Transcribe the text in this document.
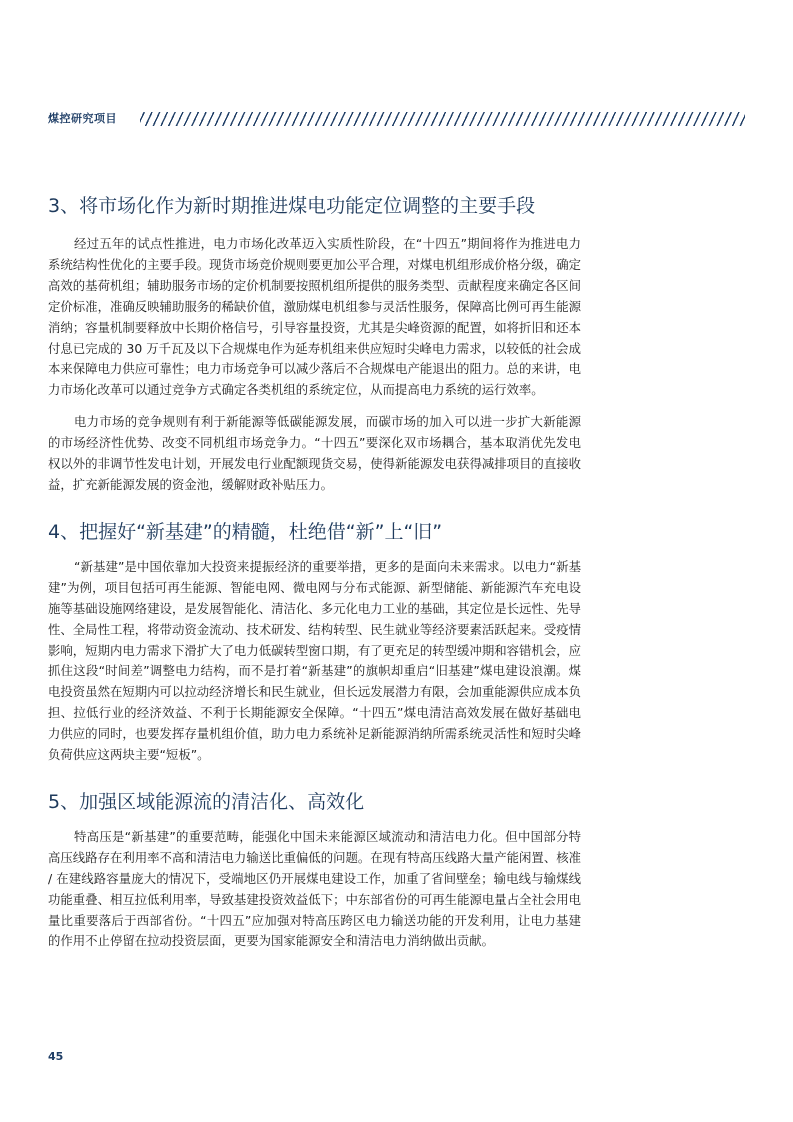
煤控研究项目
3、将市场化作为新时期推进煤电功能定位调整的主要手段

经过五年的试点性推进，电力市场化改革迈入实质性阶段，在“十四五”期间将作为推进电力系统结构性优化的主要手段。现货市场竞价规则要更加公平合理，对煤电机组形成价格分级，确定高效的基荷机组；辅助服务市场的定价机制要按照机组所提供的服务类型、贡献程度来确定各区间定价标准，准确反映辅助服务的稀缺价值，激励煤电机组参与灵活性服务，保障高比例可再生能源消纳；容量机制要释放中长期价格信号，引导容量投资，尤其是尖峰资源的配置，如将折旧和还本付息已完成的 30 万千瓦及以下合规煤电作为延寿机组来供应短时尖峰电力需求，以较低的社会成本来保障电力供应可靠性；电力市场竞争可以减少落后不合规煤电产能退出的阻力。总的来讲，电力市场化改革可以通过竞争方式确定各类机组的系统定位，从而提高电力系统的运行效率。

电力市场的竞争规则有利于新能源等低碳能源发展，而碳市场的加入可以进一步扩大新能源的市场经济性优势、改变不同机组市场竞争力。“十四五”要深化双市场耦合，基本取消优先发电权以外的非调节性发电计划，开展发电行业配额现货交易，使得新能源发电获得减排项目的直接收益，扩充新能源发展的资金池，缓解财政补贴压力。

4、把握好“新基建”的精髓，杜绝借“新”上“旧”

“新基建”是中国依靠加大投资来提振经济的重要举措，更多的是面向未来需求。以电力“新基建”为例，项目包括可再生能源、智能电网、微电网与分布式能源、新型储能、新能源汽车充电设施等基础设施网络建设，是发展智能化、清洁化、多元化电力工业的基础，其定位是长远性、先导性、全局性工程，将带动资金流动、技术研发、结构转型、民生就业等经济要素活跃起来。受疫情影响，短期内电力需求下滑扩大了电力低碳转型窗口期，有了更充足的转型缓冲期和容错机会，应抓住这段“时间差”调整电力结构，而不是打着“新基建”的旗帜却重启“旧基建”煤电建设浪潮。煤电投资虽然在短期内可以拉动经济增长和民生就业，但长远发展潜力有限，会加重能源供应成本负担、拉低行业的经济效益、不利于长期能源安全保障。“十四五”煤电清洁高效发展在做好基础电力供应的同时，也要发挥存量机组价值，助力电力系统补足新能源消纳所需系统灵活性和短时尖峰负荷供应这两块主要“短板”。

5、加强区域能源流的清洁化、高效化

特高压是“新基建”的重要范畴，能强化中国未来能源区域流动和清洁电力化。但中国部分特高压线路存在利用率不高和清洁电力输送比重偏低的问题。在现有特高压线路大量产能闲置、核准 / 在建线路容量庞大的情况下，受端地区仍开展煤电建设工作，加重了省间壁垒；输电线与输煤线功能重叠、相互拉低利用率，导致基建投资效益低下；中东部省份的可再生能源电量占全社会用电量比重要落后于西部省份。“十四五”应加强对特高压跨区电力输送功能的开发利用，让电力基建的作用不止停留在拉动投资层面，更要为国家能源安全和清洁电力消纳做出贡献。

45
